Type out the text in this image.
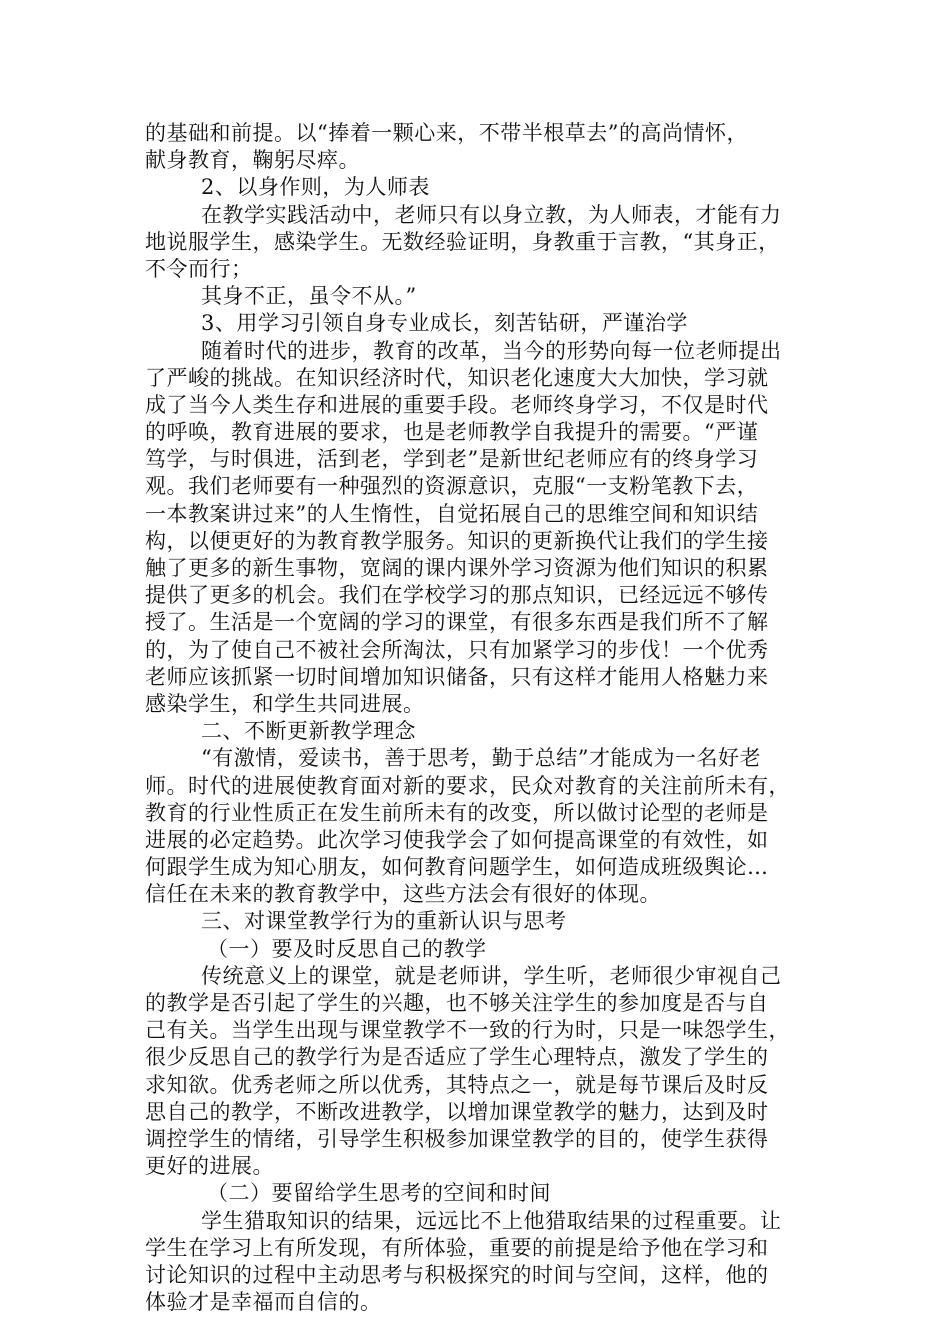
的基础和前提。以“捧着一颗心来，不带半根草去”的高尚情怀，
献身教育，鞠躬尽瘁。
2、以身作则，为人师表
在教学实践活动中，老师只有以身立教，为人师表，才能有力
地说服学生，感染学生。无数经验证明，身教重于言教，“其身正，
不令而行；
其身不正，虽令不从。”
3、用学习引领自身专业成长，刻苦钻研，严谨治学
随着时代的进步，教育的改革，当今的形势向每一位老师提出
了严峻的挑战。在知识经济时代，知识老化速度大大加快，学习就
成了当今人类生存和进展的重要手段。老师终身学习，不仅是时代
的呼唤，教育进展的要求，也是老师教学自我提升的需要。“严谨
笃学，与时俱进，活到老，学到老”是新世纪老师应有的终身学习
观。我们老师要有一种强烈的资源意识，克服“一支粉笔教下去，
一本教案讲过来”的人生惰性，自觉拓展自己的思维空间和知识结
构，以便更好的为教育教学服务。知识的更新换代让我们的学生接
触了更多的新生事物，宽阔的课内课外学习资源为他们知识的积累
提供了更多的机会。我们在学校学习的那点知识，已经远远不够传
授了。生活是一个宽阔的学习的课堂，有很多东西是我们所不了解
的，为了使自己不被社会所淘汰，只有加紧学习的步伐！一个优秀
老师应该抓紧一切时间增加知识储备，只有这样才能用人格魅力来
感染学生，和学生共同进展。
二、不断更新教学理念
“有激情，爱读书，善于思考，勤于总结”才能成为一名好老
师。时代的进展使教育面对新的要求，民众对教育的关注前所未有，
教育的行业性质正在发生前所未有的改变，所以做讨论型的老师是
进展的必定趋势。此次学习使我学会了如何提高课堂的有效性，如
何跟学生成为知心朋友，如何教育问题学生，如何造成班级舆论…
信任在未来的教育教学中，这些方法会有很好的体现。
三、对课堂教学行为的重新认识与思考
（一）要及时反思自己的教学
传统意义上的课堂，就是老师讲，学生听，老师很少审视自己
的教学是否引起了学生的兴趣，也不够关注学生的参加度是否与自
己有关。当学生出现与课堂教学不一致的行为时，只是一味怨学生，
很少反思自己的教学行为是否适应了学生心理特点，激发了学生的
求知欲。优秀老师之所以优秀，其特点之一，就是每节课后及时反
思自己的教学，不断改进教学，以增加课堂教学的魅力，达到及时
调控学生的情绪，引导学生积极参加课堂教学的目的，使学生获得
更好的进展。
（二）要留给学生思考的空间和时间
学生猎取知识的结果，远远比不上他猎取结果的过程重要。让
学生在学习上有所发现，有所体验，重要的前提是给予他在学习和
讨论知识的过程中主动思考与积极探究的时间与空间，这样，他的
体验才是幸福而自信的。
